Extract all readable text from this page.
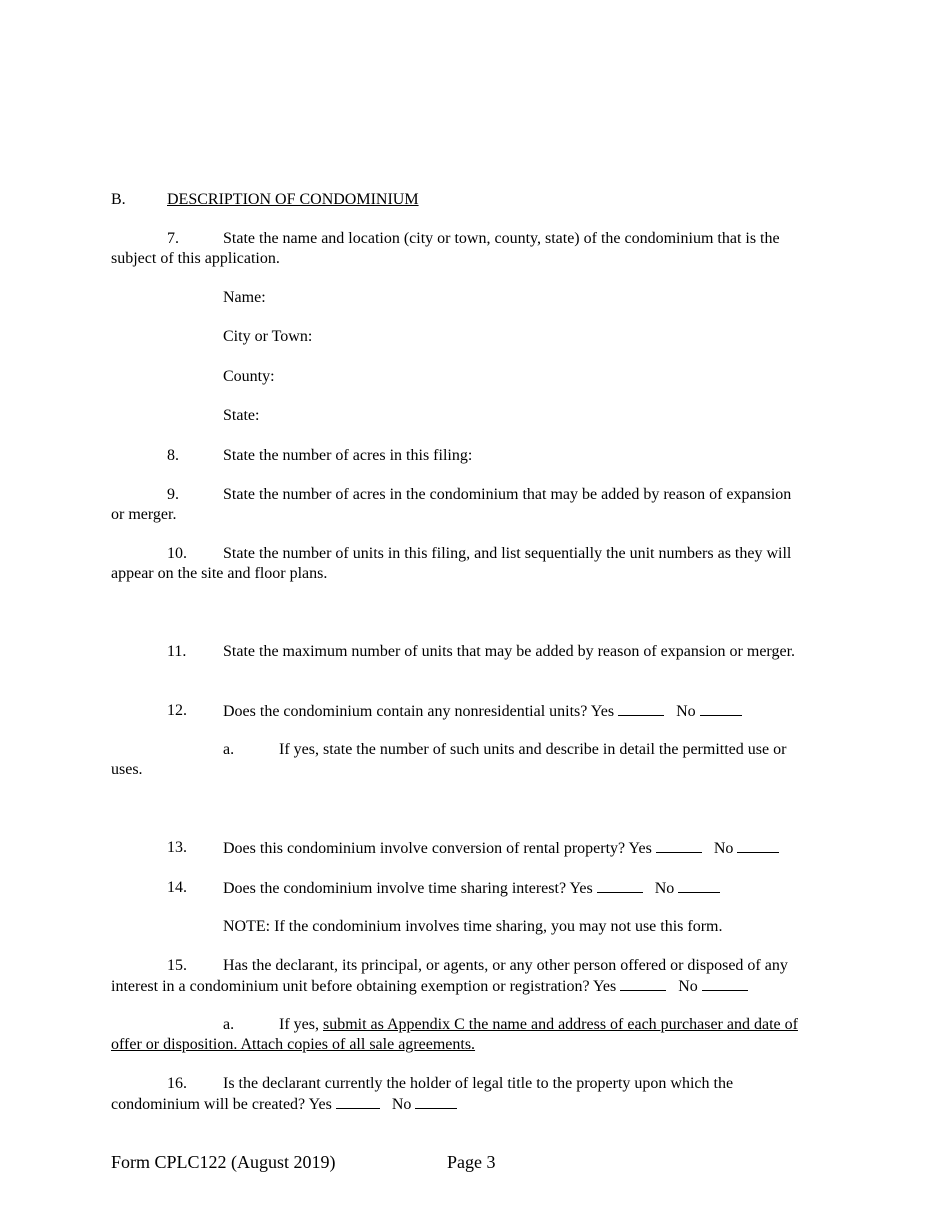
B.	DESCRIPTION OF CONDOMINIUM
7.	State the name and location (city or town, county, state) of the condominium that is the
subject of this application.
Name:
City or Town:
County:
State:
8.	State the number of acres in this filing:
9.	State the number of acres in the condominium that may be added by reason of expansion
or merger.
10. State the number of units in this filing, and list sequentially the unit numbers as they will
appear on the site and floor plans.
11. State the maximum number of units that may be added by reason of expansion or merger.
12. Does the condominium contain any nonresidential units? Yes	No
a.	If yes, state the number of such units and describe in detail the permitted use or
uses.
13. Does this condominium involve conversion of rental property? Yes	No
14. Does the condominium involve time sharing interest? Yes	No
NOTE: If the condominium involves time sharing, you may not use this form.
15. Has the declarant, its principal, or agents, or any other person offered or disposed of any
interest in a condominium unit before obtaining exemption or registration? Yes	No
a.	If yes, submit as Appendix C the name and address of each purchaser and date of
offer or disposition. Attach copies of all sale agreements.
16. Is the declarant currently the holder of legal title to the property upon which the
condominium will be created? Yes	No
Form CPLC122 (August 2019)	Page 3
